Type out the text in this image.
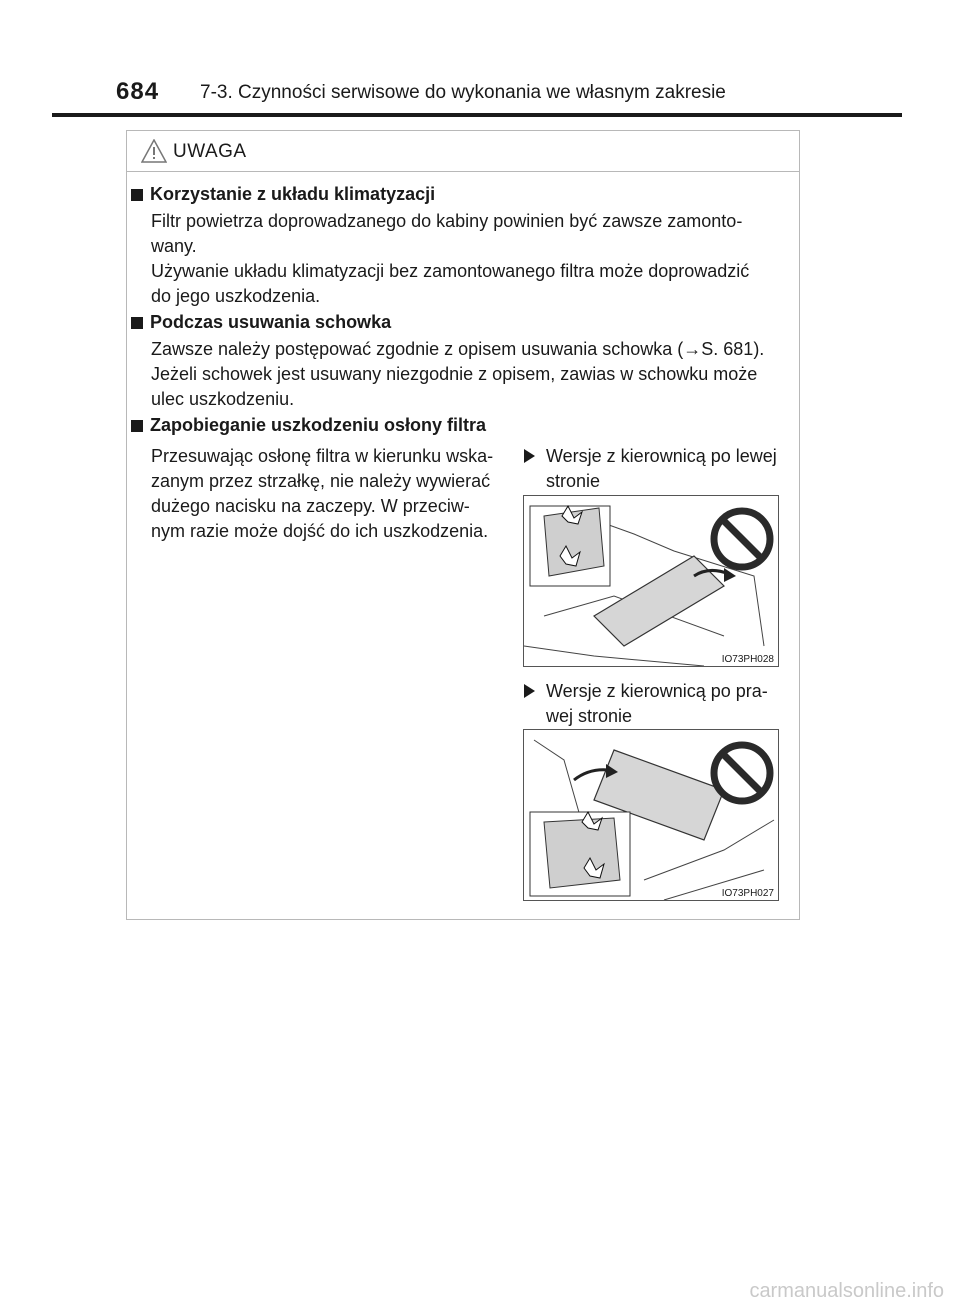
684 7-3. Czynności serwisowe do wykonania we własnym zakresie
UWAGA
Korzystanie z układu klimatyzacji
Filtr powietrza doprowadzanego do kabiny powinien być zawsze zamonto-
wany.
Używanie układu klimatyzacji bez zamontowanego filtra może doprowadzić
do jego uszkodzenia.
Podczas usuwania schowka
Zawsze należy postępować zgodnie z opisem usuwania schowka (→S. 681).
Jeżeli schowek jest usuwany niezgodnie z opisem, zawias w schowku może
ulec uszkodzeniu.
Zapobieganie uszkodzeniu osłony filtra
Przesuwając osłonę filtra w kierunku wska-
zanym przez strzałkę, nie należy wywierać
dużego nacisku na zaczepy. W przeciw-
nym razie może dojść do ich uszkodzenia.
Wersje z kierownicą po lewej stronie
IO73PH028
Wersje z kierownicą po pra-wej stronie
IO73PH027
carmanualsonline.info
